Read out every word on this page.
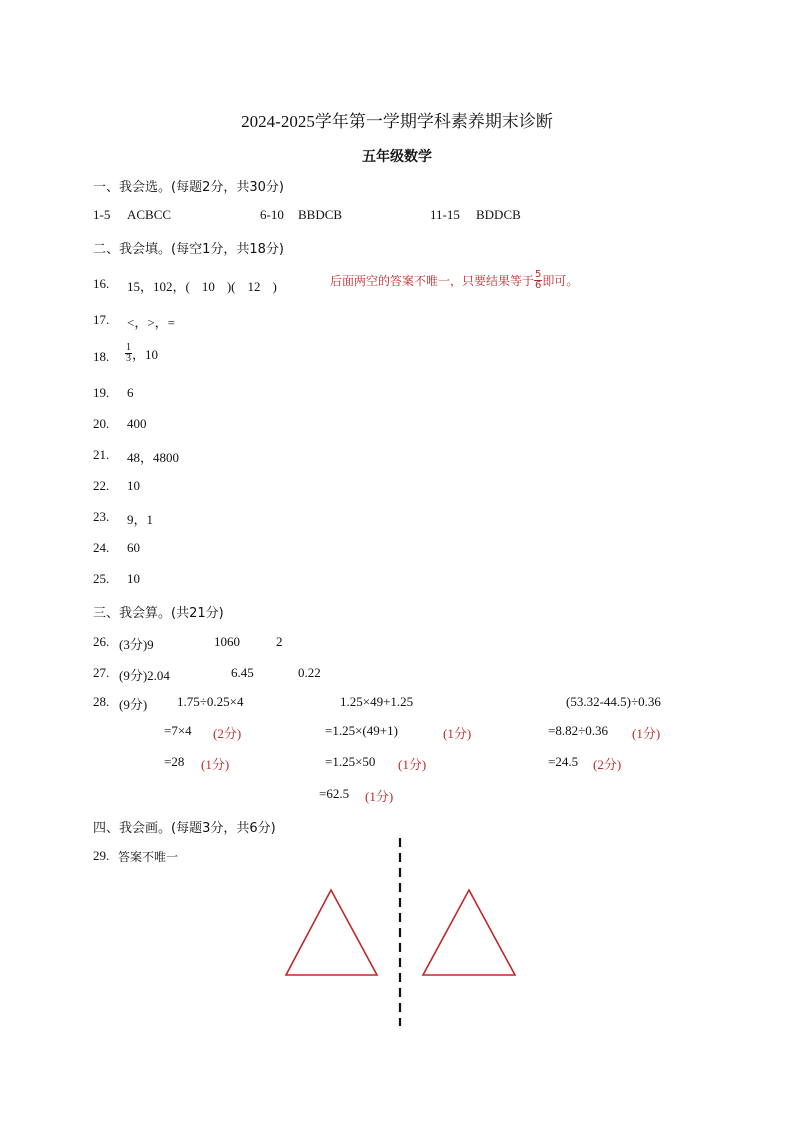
2024-2025学年第一学期学科素养期末诊断
五年级数学
一、我会选。(每题2分，共30分)
1-5 ACBCC	6-10 BBDCB	11-15 BDDCB
二、我会填。(每空1分，共18分)
16. 15，102，( 10 )( 12 )	后面两空的答案不唯一，只要结果等于 $\frac{5}{6}$ 即可。
17. <，>，=
18. $\frac{1}{3}$ ，10
19. 6
20. 400
21. 48，4800
22. 10
23. 9，1
24. 60
25. 10
三、我会算。(共21分)
26. (3分)9	1060	2
27. (9分)2.04	6.45	0.22
28. (9分) 1.75÷0.25×4
=7×4 (2分)
=28 (1分)
1.25×49+1.25
=1.25×(49+1)	(1分)
=1.25×50 (1分)
=62.5 (1分)
(53.32-44.5)÷0.36
=8.82÷0.36 (1分)
=24.5 (2分)
四、我会画。(每题3分，共6分)
29. 答案不唯一
